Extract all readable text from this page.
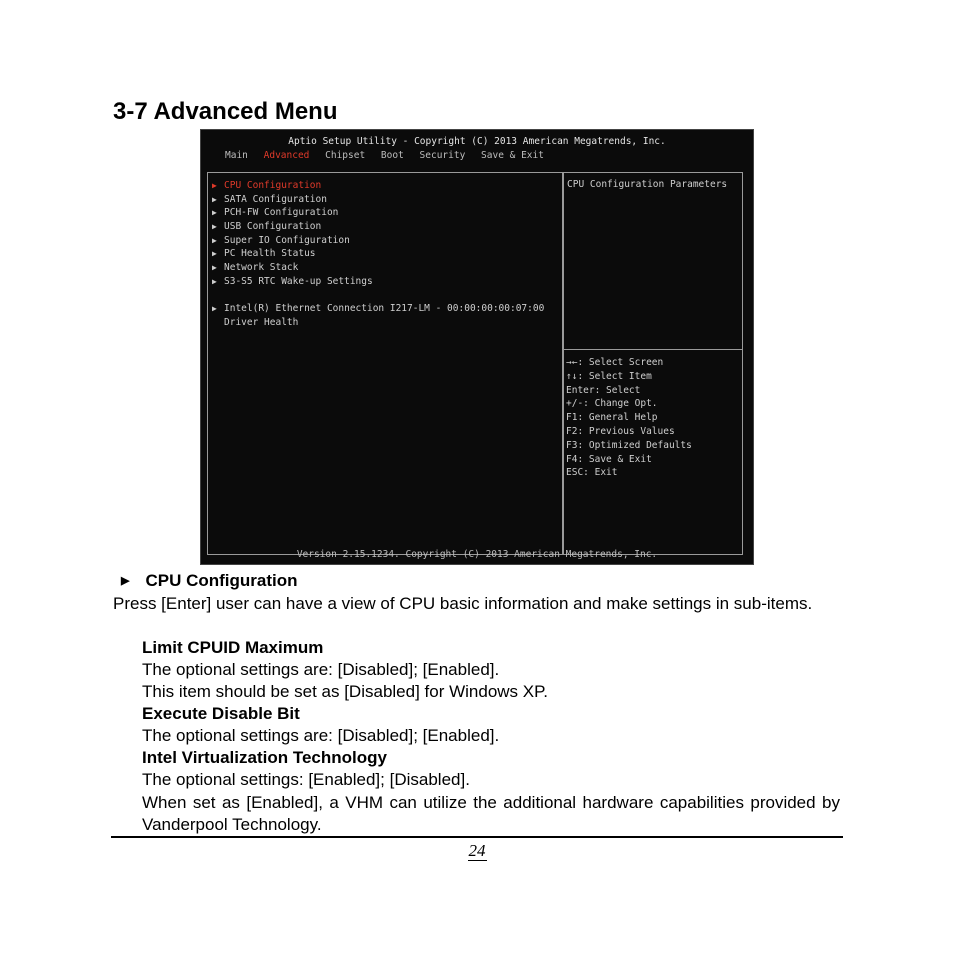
3-7 Advanced Menu
Aptio Setup Utility - Copyright (C) 2013 American Megatrends, Inc.
Main Advanced Chipset Boot Security Save & Exit
▶ CPU Configuration
▶ SATA Configuration
▶ PCH-FW Configuration
▶ USB Configuration
▶ Super IO Configuration
▶ PC Health Status
▶ Network Stack
▶ S3-S5 RTC Wake-up Settings
▶ Intel(R) Ethernet Connection I217-LM - 00:00:00:00:07:00
Driver Health
CPU Configuration Parameters
→←: Select Screen
↑↓: Select Item
Enter: Select
+/-: Change Opt.
F1: General Help
F2: Previous Values
F3: Optimized Defaults
F4: Save & Exit
ESC: Exit
Version 2.15.1234. Copyright (C) 2013 American Megatrends, Inc.
▶ CPU Configuration
Press [Enter] user can have a view of CPU basic information and make settings in sub-items.
Limit CPUID Maximum
The optional settings are: [Disabled]; [Enabled].
This item should be set as [Disabled] for Windows XP.
Execute Disable Bit
The optional settings are: [Disabled]; [Enabled].
Intel Virtualization Technology
The optional settings: [Enabled]; [Disabled].
When set as [Enabled], a VHM can utilize the additional hardware capabilities provided by Vanderpool Technology.
24
